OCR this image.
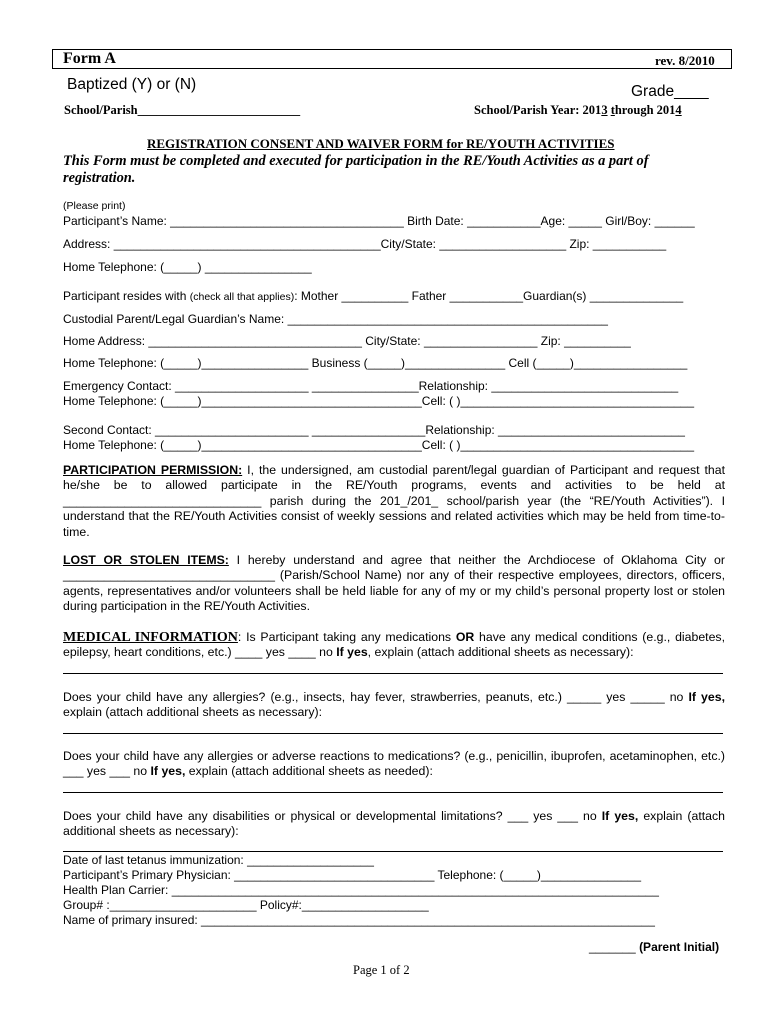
Form A	rev. 8/2010
Baptized (Y) or (N)	Grade____
School/Parish__________________________	School/Parish Year: 2013 through 2014
REGISTRATION CONSENT AND WAIVER FORM for RE/YOUTH ACTIVITIES
This Form must be completed and executed for participation in the RE/Youth Activities as a part of
registration.
(Please print)
Participant’s Name: ___________________________________ Birth Date: ___________Age: _____ Girl/Boy: ______
Address: ________________________________________City/State: ___________________ Zip: ___________
Home Telephone: (_____) ________________
Participant resides with (check all that applies): Mother __________ Father ___________Guardian(s) ______________
Custodial Parent/Legal Guardian’s Name: ________________________________________________
Home Address: ________________________________ City/State: _________________ Zip: __________
Home Telephone: (_____)________________ Business (_____)_______________ Cell (_____)_________________
Emergency Contact: ____________________ ________________Relationship: ____________________________
Home Telephone: (_____)_________________________________Cell: ( )___________________________________
Second Contact: _______________________ _________________Relationship: ____________________________
Home Telephone: (_____)_________________________________Cell: ( )___________________________________

PARTICIPATION PERMISSION: I, the undersigned, am custodial parent/legal guardian of Participant and request that he/she be to allowed participate in the RE/Youth programs, events and activities to be held at _____________________________ parish during the 201_/201_ school/parish year (the “RE/Youth Activities”). I understand that the RE/Youth Activities consist of weekly sessions and related activities which may be held from time-to-time.

LOST OR STOLEN ITEMS: I hereby understand and agree that neither the Archdiocese of Oklahoma City or _______________________________ (Parish/School Name) nor any of their respective employees, directors, officers, agents, representatives and/or volunteers shall be held liable for any of my or my child’s personal property lost or stolen during participation in the RE/Youth Activities.

MEDICAL INFORMATION: Is Participant taking any medications OR have any medical conditions (e.g., diabetes, epilepsy, heart conditions, etc.) ____ yes ____ no If yes, explain (attach additional sheets as necessary):

Does your child have any allergies? (e.g., insects, hay fever, strawberries, peanuts, etc.) _____ yes _____ no If yes, explain (attach additional sheets as necessary):

Does your child have any allergies or adverse reactions to medications? (e.g., penicillin, ibuprofen, acetaminophen, etc.) ___ yes ___ no If yes, explain (attach additional sheets as needed):

Does your child have any disabilities or physical or developmental limitations? ___ yes ___ no If yes, explain (attach additional sheets as necessary):

Date of last tetanus immunization: ___________________
Participant’s Primary Physician: ______________________________ Telephone: (_____)_______________
Health Plan Carrier: _________________________________________________________________________
Group# :______________________ Policy#:___________________
Name of primary insured: ____________________________________________________________________
_______ (Parent Initial)
Page 1 of 2
